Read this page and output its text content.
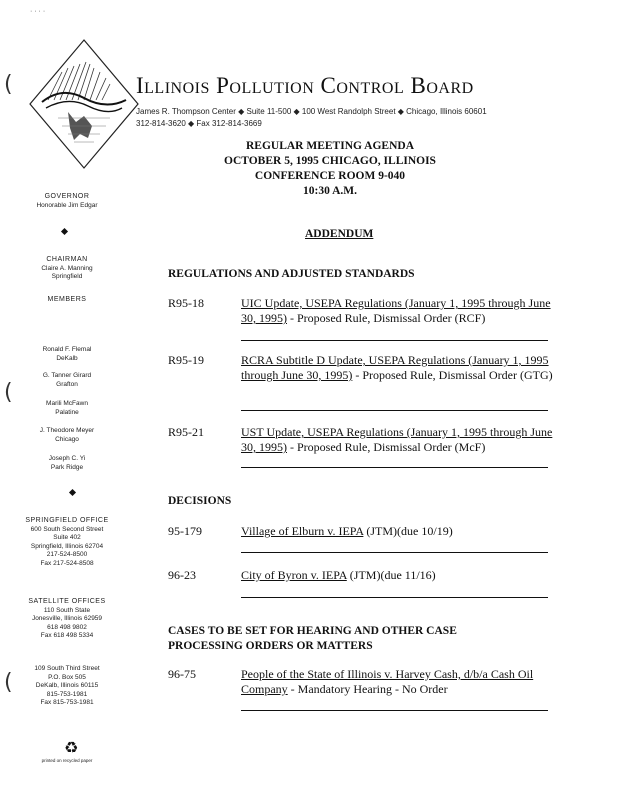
· · · ·
Illinois Pollution Control Board
James R. Thompson Center ◆ Suite 11-500 ◆ 100 West Randolph Street ◆ Chicago, Illinois 60601
312-814-3620 ◆ Fax 312-814-3669
REGULAR MEETING AGENDA
OCTOBER 5, 1995 CHICAGO, ILLINOIS
CONFERENCE ROOM 9-040
10:30 A.M.
ADDENDUM
REGULATIONS AND ADJUSTED STANDARDS
R95-18	UIC Update, USEPA Regulations (January 1, 1995 through June 30, 1995) - Proposed Rule, Dismissal Order (RCF)
R95-19	RCRA Subtitle D Update, USEPA Regulations (January 1, 1995 through June 30, 1995) - Proposed Rule, Dismissal Order (GTG)
R95-21	UST Update, USEPA Regulations (January 1, 1995 through June 30, 1995) - Proposed Rule, Dismissal Order (McF)
DECISIONS
95-179	Village of Elburn v. IEPA (JTM)(due 10/19)
96-23	City of Byron v. IEPA (JTM)(due 11/16)
CASES TO BE SET FOR HEARING AND OTHER CASE PROCESSING ORDERS OR MATTERS
96-75	People of the State of Illinois v. Harvey Cash, d/b/a Cash Oil Company - Mandatory Hearing - No Order
GOVERNOR
Honorable Jim Edgar
CHAIRMAN
Claire A. Manning
Springfield
MEMBERS
Ronald F. Flemal
DeKalb
G. Tanner Girard
Grafton
Marili McFawn
Palatine
J. Theodore Meyer
Chicago
Joseph C. Yi
Park Ridge
SPRINGFIELD OFFICE
600 South Second Street
Suite 402
Springfield, Illinois 62704
217-524-8500
Fax 217-524-8508
SATELLITE OFFICES
110 South State
Jonesville, Illinois 62959
618 498 9802
Fax 618 498 5334
109 South Third Street
P.O. Box 505
DeKalb, Illinois 60115
815-753-1981
Fax 815-753-1981
♻
printed on recycled paper
(
(
(
